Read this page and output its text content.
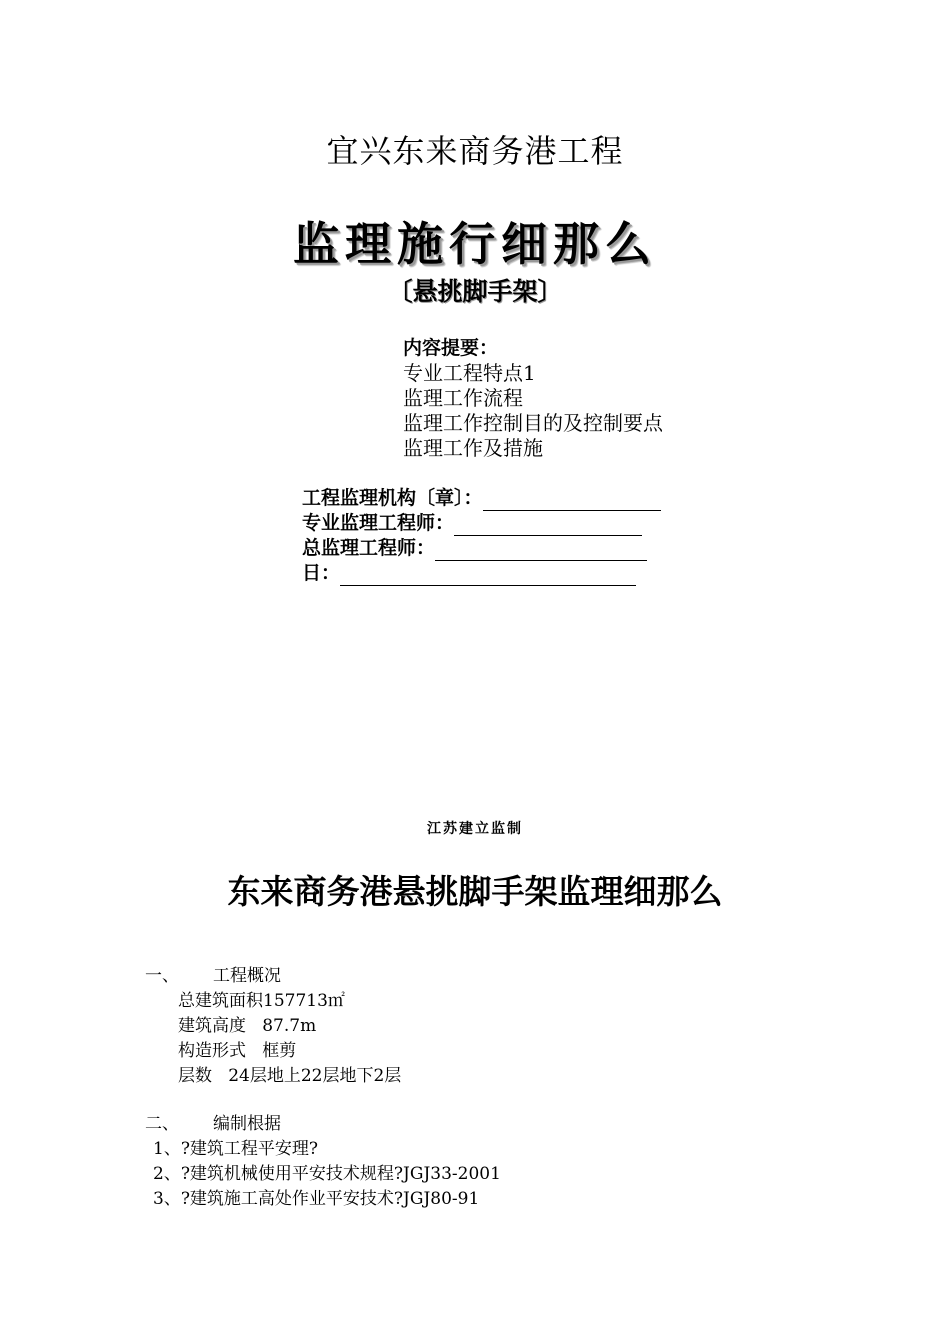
宜兴东来商务港工程
监理施行细那么
〔悬挑脚手架〕
内容提要：
专业工程特点1
监理工作流程
监理工作控制目的及控制要点
监理工作及措施
工程监理机构〔章〕：
专业监理工程师：
总监理工程师：
日：
江苏建立监制
东来商务港悬挑脚手架监理细那么
一、 工程概况
总建筑面积157713㎡
建筑高度   87.7m
构造形式   框剪
层数   24层地上22层地下2层
二、 编制根据
1、?建筑工程平安理?
2、?建筑机械使用平安技术规程?JGJ33-2001
3、?建筑施工高处作业平安技术?JGJ80-91
